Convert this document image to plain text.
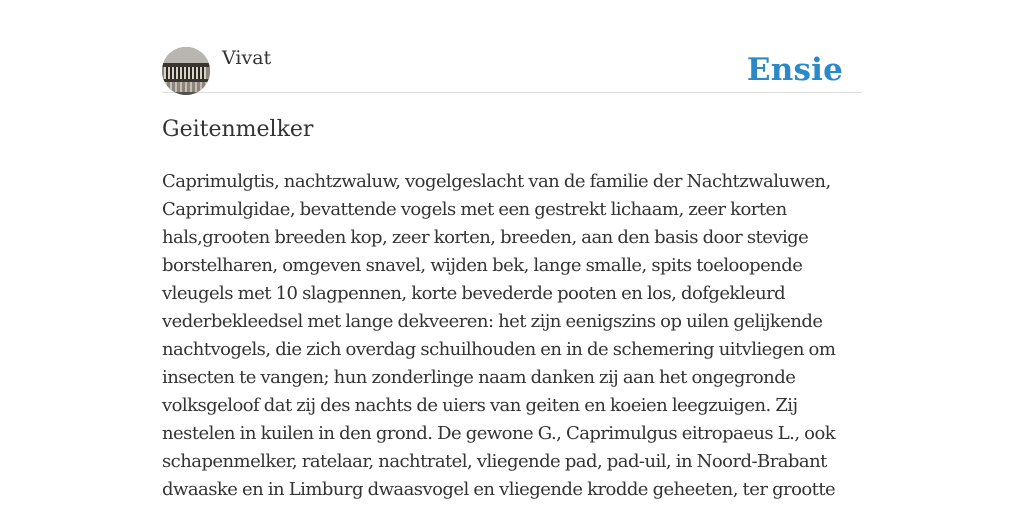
Vivat	Ensie
Geitenmelker

Caprimulgtis, nachtzwaluw, vogelgeslacht van de familie der Nachtzwaluwen, Caprimulgidae, bevattende vogels met een gestrekt lichaam, zeer korten hals,grooten breeden kop, zeer korten, breeden, aan den basis door stevige borstelharen, omgeven snavel, wijden bek, lange smalle, spits toeloopende vleugels met 10 slagpennen, korte bevederde pooten en los, dofgekleurd vederbekleedsel met lange dekveeren: het zijn eenigszins op uilen gelijkende nachtvogels, die zich overdag schuilhouden en in de schemering uitvliegen om insecten te vangen; hun zonderlinge naam danken zij aan het ongegronde volksgeloof dat zij des nachts de uiers van geiten en koeien leegzuigen. Zij nestelen in kuilen in den grond. De gewone G., Caprimulgus eitropaeus L., ook schapenmelker, ratelaar, nachtratel, vliegende pad, pad-uil, in Noord-Brabant dwaaske en in Limburg dwaasvogel en vliegende krodde geheeten, ter grootte
